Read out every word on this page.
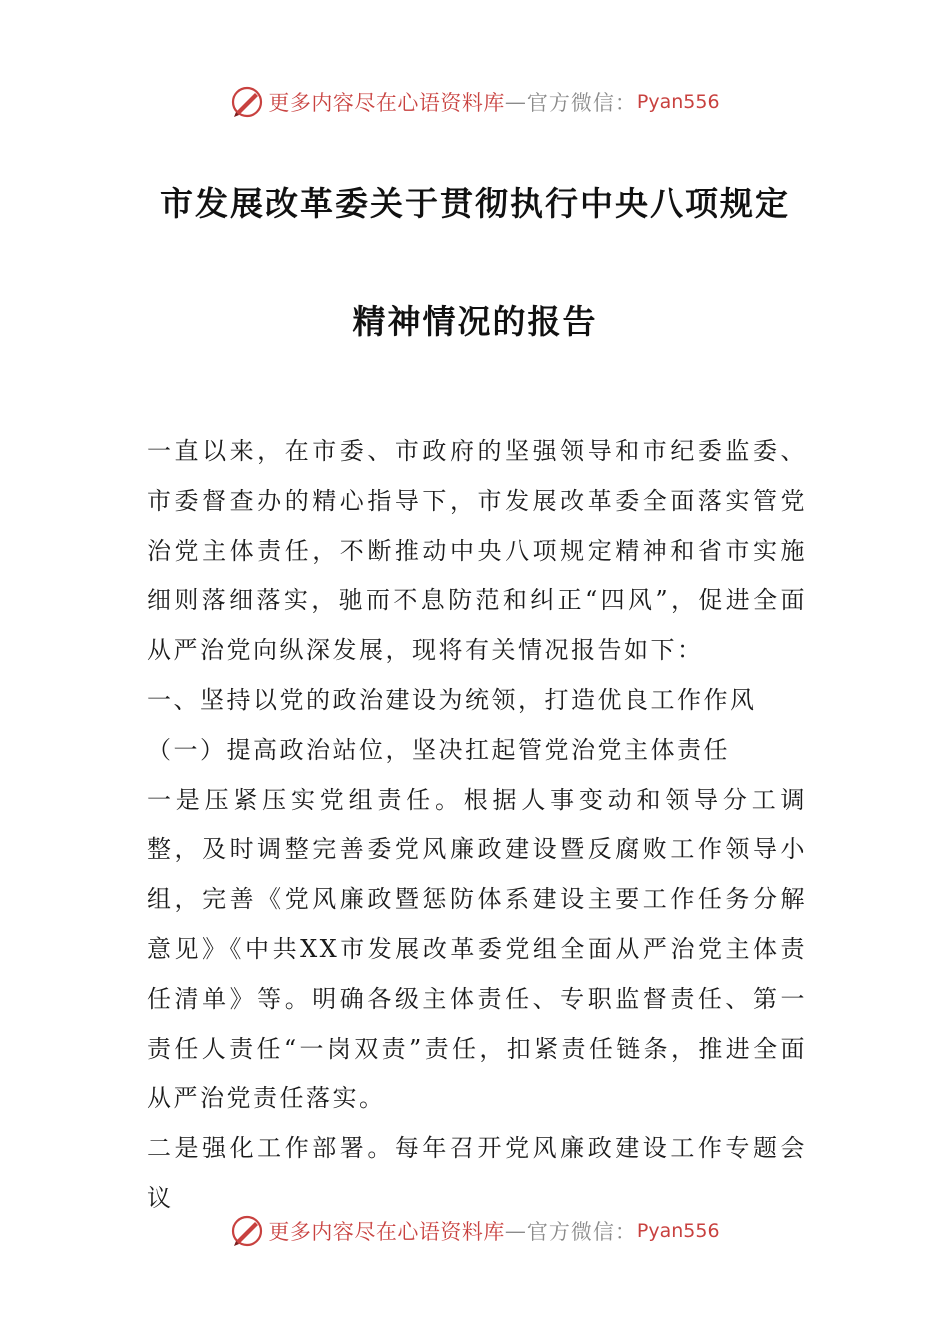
更多内容尽在心语资料库 — 官方微信： Pyan556
市发展改革委关于贯彻执行中央八项规定
精神情况的报告

一直以来，在市委、市政府的坚强领导和市纪委监委、市委督查办的精心指导下，市发展改革委全面落实管党治党主体责任，不断推动中央八项规定精神和省市实施细则落细落实，驰而不息防范和纠正“四风”，促进全面从严治党向纵深发展，现将有关情况报告如下：

一、坚持以党的政治建设为统领，打造优良工作作风

（一）提高政治站位，坚决扛起管党治党主体责任

一是压紧压实党组责任。根据人事变动和领导分工调整，及时调整完善委党风廉政建设暨反腐败工作领导小组，完善《党风廉政暨惩防体系建设主要工作任务分解意见》《中共XX市发展改革委党组全面从严治党主体责任清单》等。明确各级主体责任、专职监督责任、第一责任人责任“一岗双责”责任，扣紧责任链条，推进全面从严治党责任落实。

二是强化工作部署。每年召开党风廉政建设工作专题会议

更多内容尽在心语资料库 — 官方微信： Pyan556
